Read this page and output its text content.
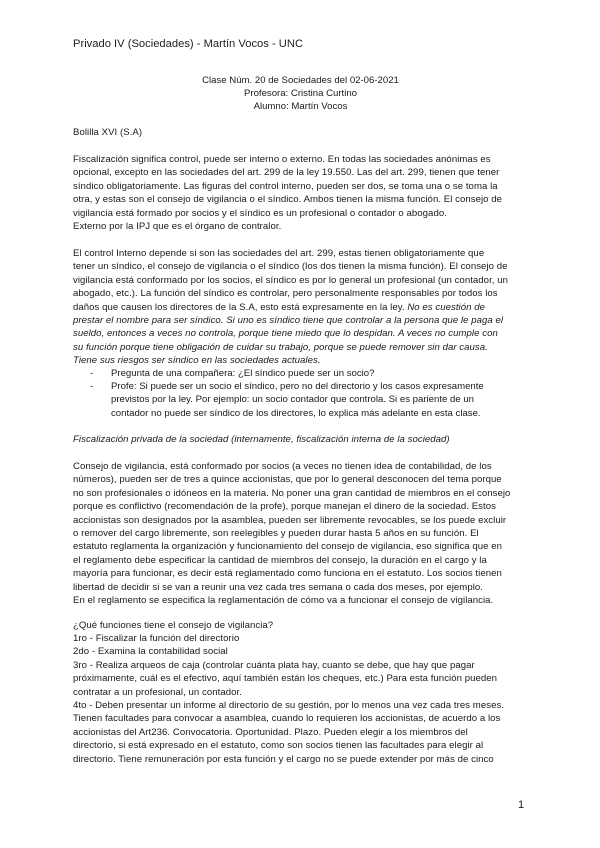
Privado IV (Sociedades) - Martín Vocos - UNC
Clase Núm. 20 de Sociedades del 02-06-2021
Profesora: Cristina Curtino
Alumno: Martín Vocos
Bolilla XVI (S.A)

Fiscalización significa control, puede ser interno o externo. En todas las sociedades anónimas es

opcional, excepto en las sociedades del art. 299 de la ley 19.550. Las del art. 299, tienen que tener

síndico obligatoriamente. Las figuras del control interno, pueden ser dos, se toma una o se toma la

otra, y estas son el consejo de vigilancia o el síndico. Ambos tienen la misma función. El consejo de

vigilancia está formado por socios y el síndico es un profesional o contador o abogado.

Externo por la IPJ que es el órgano de contralor.

El control Interno depende si son las sociedades del art. 299, estas tienen obligatoriamente que

tener un síndico, el consejo de vigilancia o el síndico (los dos tienen la misma función). El consejo de

vigilancia está conformado por los socios, el síndico es por lo general un profesional (un contador, un

abogado, etc.). La función del síndico es controlar, pero personalmente responsables por todos los

daños que causen los directores de la S.A, esto está expresamente en la ley. No es cuestión de

prestar el nombre para ser síndico. Si uno es síndico tiene que controlar a la persona que le paga el

sueldo, entonces a veces no controla, porque tiene miedo que lo despidan. A veces no cumple con

su función porque tiene obligación de cuidar su trabajo, porque se puede remover sin dar causa.

Tiene sus riesgos ser síndico en las sociedades actuales.

- Pregunta de una compañera: ¿El síndico puede ser un socio?
- Profe: Si puede ser un socio el síndico, pero no del directorio y los casos expresamente
previstos por la ley. Por ejemplo: un socio contador que controla. Si es pariente de un
contador no puede ser síndico de los directores, lo explica más adelante en esta clase.
Fiscalización privada de la sociedad (internamente, fiscalización interna de la sociedad)

Consejo de vigilancia, está conformado por socios (a veces no tienen idea de contabilidad, de los

números), pueden ser de tres a quince accionistas, que por lo general desconocen del tema porque

no son profesionales o idóneos en la materia. No poner una gran cantidad de miembros en el consejo

porque es conflictivo (recomendación de la profe), porque manejan el dinero de la sociedad. Estos

accionistas son designados por la asamblea, pueden ser libremente revocables, se los puede excluir

o remover del cargo libremente, son reelegibles y pueden durar hasta 5 años en su función. El

estatuto reglamenta la organización y funcionamiento del consejo de vigilancia, eso significa que en

el reglamento debe especificar la cantidad de miembros del consejo, la duración en el cargo y la

mayoría para funcionar, es decir está reglamentado como funciona en el estatuto. Los socios tienen

libertad de decidir si se van a reunir una vez cada tres semana o cada dos meses, por ejemplo.

En el reglamento se especifica la reglamentación de cómo va a funcionar el consejo de vigilancia.

¿Qué funciones tiene el consejo de vigilancia?

1ro - Fiscalizar la función del directorio

2do - Examina la contabilidad social

3ro - Realiza arqueos de caja (controlar cuánta plata hay, cuanto se debe, que hay que pagar

próximamente, cuál es el efectivo, aquí también están los cheques, etc.) Para esta función pueden

contratar a un profesional, un contador.

4to - Deben presentar un informe al directorio de su gestión, por lo menos una vez cada tres meses.

Tienen facultades para convocar a asamblea, cuando lo requieren los accionistas, de acuerdo a los

accionistas del Art236. Convocatoria. Oportunidad. Plazo. Pueden elegir a los miembros del

directorio, si está expresado en el estatuto, como son socios tienen las facultades para elegir al

directorio. Tiene remuneración por esta función y el cargo no se puede extender por más de cinco

1
